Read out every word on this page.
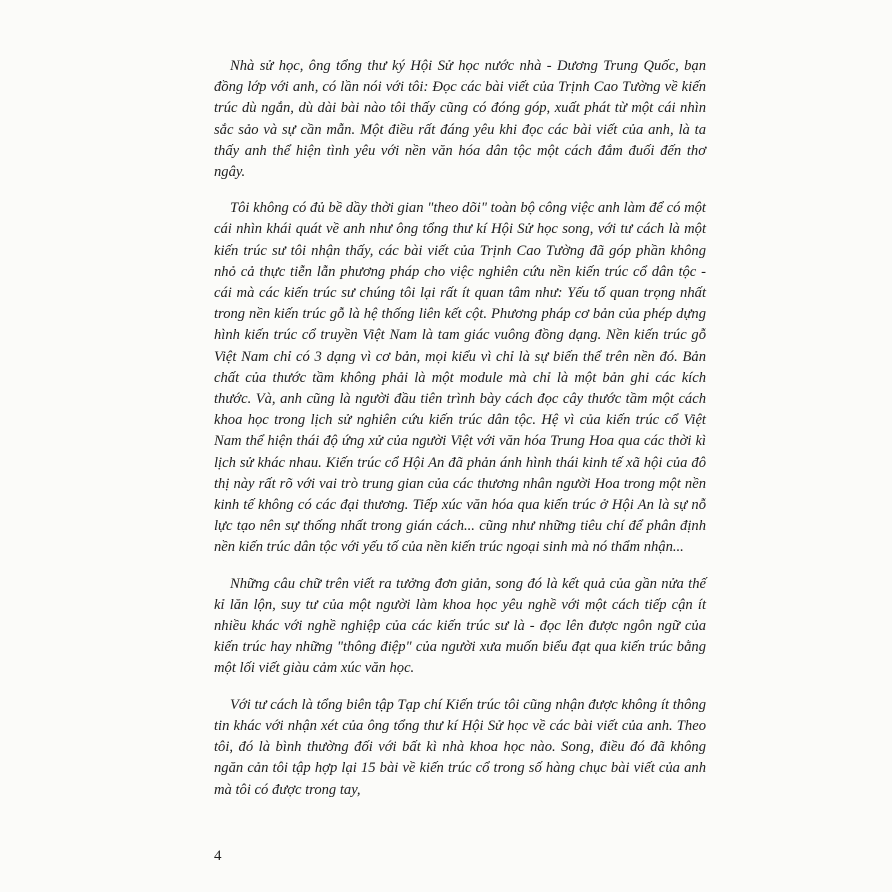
Nhà sử học, ông tổng thư ký Hội Sử học nước nhà - Dương Trung Quốc, bạn đồng lớp với anh, có lần nói với tôi: Đọc các bài viết của Trịnh Cao Tường về kiến trúc dù ngắn, dù dài bài nào tôi thấy cũng có đóng góp, xuất phát từ một cái nhìn sắc sảo và sự cần mẫn. Một điều rất đáng yêu khi đọc các bài viết của anh, là ta thấy anh thể hiện tình yêu với nền văn hóa dân tộc một cách đắm đuối đến thơ ngây.

Tôi không có đủ bề dầy thời gian "theo dõi" toàn bộ công việc anh làm để có một cái nhìn khái quát về anh như ông tổng thư kí Hội Sử học song, với tư cách là một kiến trúc sư tôi nhận thấy, các bài viết của Trịnh Cao Tường đã góp phần không nhỏ cả thực tiễn lẫn phương pháp cho việc nghiên cứu nền kiến trúc cổ dân tộc - cái mà các kiến trúc sư chúng tôi lại rất ít quan tâm như: Yếu tố quan trọng nhất trong nền kiến trúc gỗ là hệ thống liên kết cột. Phương pháp cơ bản của phép dựng hình kiến trúc cổ truyền Việt Nam là tam giác vuông đồng dạng. Nền kiến trúc gỗ Việt Nam chỉ có 3 dạng vì cơ bản, mọi kiểu vì chỉ là sự biến thể trên nền đó. Bản chất của thước tầm không phải là một module mà chỉ là một bản ghi các kích thước. Và, anh cũng là người đầu tiên trình bày cách đọc cây thước tầm một cách khoa học trong lịch sử nghiên cứu kiến trúc dân tộc. Hệ vì của kiến trúc cổ Việt Nam thể hiện thái độ ứng xử của người Việt với văn hóa Trung Hoa qua các thời kì lịch sử khác nhau. Kiến trúc cổ Hội An đã phản ánh hình thái kinh tế xã hội của đô thị này rất rõ với vai trò trung gian của các thương nhân người Hoa trong một nền kinh tế không có các đại thương. Tiếp xúc văn hóa qua kiến trúc ở Hội An là sự nỗ lực tạo nên sự thống nhất trong gián cách... cũng như những tiêu chí để phân định nền kiến trúc dân tộc với yếu tố của nền kiến trúc ngoại sinh mà nó thẩm nhận...

Những câu chữ trên viết ra tưởng đơn giản, song đó là kết quả của gần nửa thế kỉ lăn lộn, suy tư của một người làm khoa học yêu nghề với một cách tiếp cận ít nhiều khác với nghề nghiệp của các kiến trúc sư là - đọc lên được ngôn ngữ của kiến trúc hay những "thông điệp" của người xưa muốn biểu đạt qua kiến trúc bằng một lối viết giàu cảm xúc văn học.

Với tư cách là tổng biên tập Tạp chí Kiến trúc tôi cũng nhận được không ít thông tin khác với nhận xét của ông tổng thư kí Hội Sử học về các bài viết của anh. Theo tôi, đó là bình thường đối với bất kì nhà khoa học nào. Song, điều đó đã không ngăn cản tôi tập hợp lại 15 bài về kiến trúc cổ trong số hàng chục bài viết của anh mà tôi có được trong tay,

4
